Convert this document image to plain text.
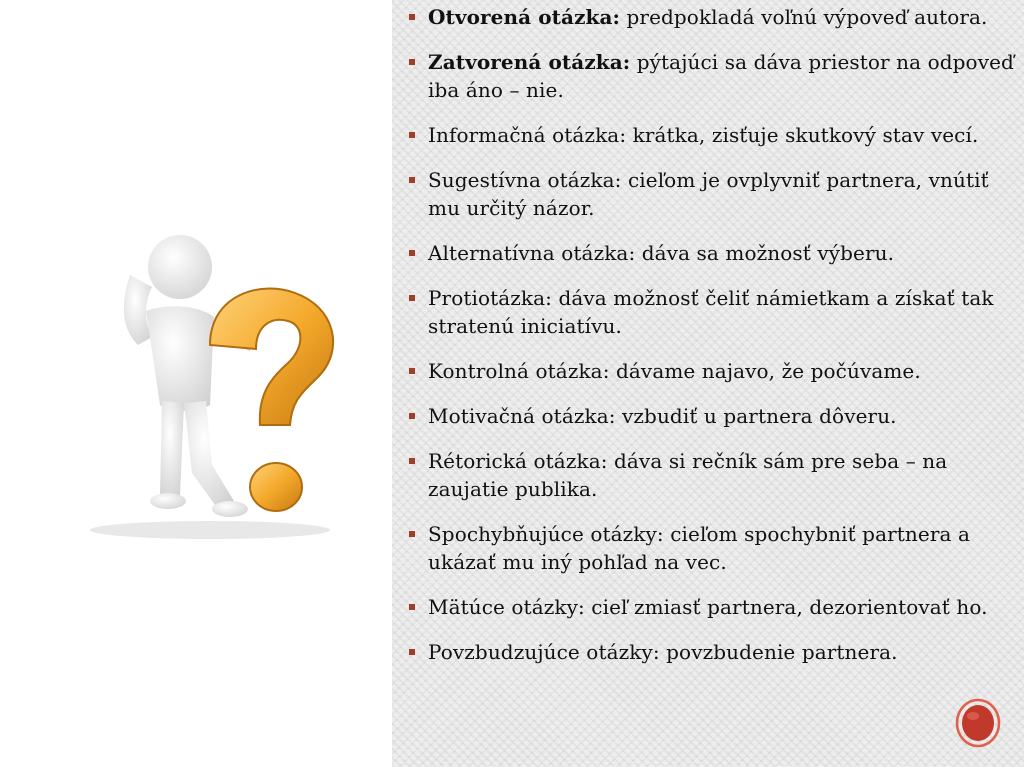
Otvorená otázka: predpokladá voľnú výpoveď autora.
Zatvorená otázka: pýtajúci sa dáva priestor na odpoveď iba áno – nie.
Informačná otázka: krátka, zisťuje skutkový stav vecí.
Sugestívna otázka: cieľom je ovplyvniť partnera, vnútiť mu určitý názor.
Alternatívna otázka: dáva sa možnosť výberu.
Protiotázka: dáva možnosť čeliť námietkam a získať tak stratenú iniciatívu.
Kontrolná otázka: dávame najavo, že počúvame.
Motivačná otázka: vzbudiť u partnera dôveru.
Rétorická otázka: dáva si rečník sám pre seba – na zaujatie publika.
Spochybňujúce otázky: cieľom spochybniť partnera a ukázať mu iný pohľad na vec.
Mätúce otázky: cieľ zmiasť partnera, dezorientovať ho.
Povzbudzujúce otázky: povzbudenie partnera.
